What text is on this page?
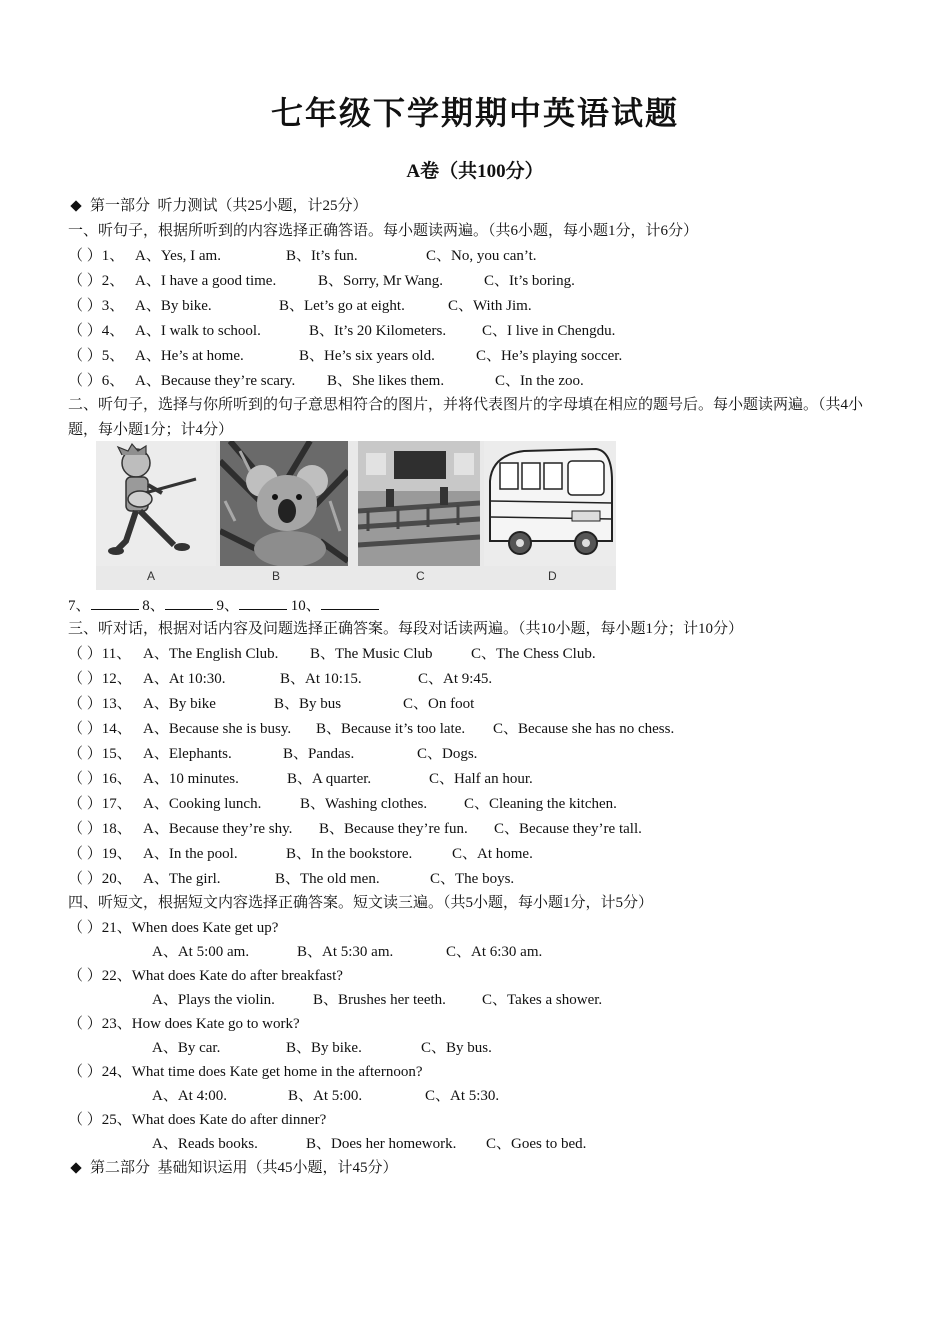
七年级下学期期中英语试题
A卷（共100分）
第一部分  听力测试（共25小题，计25分）
一、听句子，根据所听到的内容选择正确答语。每小题读两遍。（共6小题，每小题1分，计6分）
（ ）1、 A、Yes, I am.	B、It’s fun.	C、No, you can’t.
（ ）2、 A、I have a good time.	B、Sorry, Mr Wang.	C、It’s boring.
（ ）3、 A、By bike.	B、Let’s go at eight.	C、With Jim.
（ ）4、 A、I walk to school.	B、It’s 20 Kilometers. C、I live in Chengdu.
（ ）5、 A、He’s at home.	B、He’s six years old.	C、He’s playing soccer.
（ ）6、 A、Because they’re scary. B、She likes them.	C、In the zoo.
二、听句子，选择与你所听到的句子意思相符合的图片，并将代表图片的字母填在相应的题号后。每小题读两遍。（共4小题，每小题1分；计4分）
A	B	C	D
7、	8、	9、	10、
三、听对话，根据对话内容及问题选择正确答案。每段对话读两遍。（共10小题，每小题1分；计10分）
（ ）11、 A、The English Club. B、The Music Club	C、The Chess Club.
（ ）12、 A、At 10:30.	B、At 10:15.	C、At 9:45.
（ ）13、 A、By bike	B、By bus	C、On foot
（ ）14、 A、Because she is busy. B、Because it’s too late. C、Because she has no chess.
（ ）15、 A、Elephants.	B、Pandas.	C、Dogs.
（ ）16、 A、10 minutes.	B、A quarter.	C、Half an hour.
（ ）17、 A、Cooking lunch.	B、Washing clothes. C、Cleaning the kitchen.
（ ）18、 A、Because they’re shy. B、Because they’re fun. C、Because they’re tall.
（ ）19、 A、In the pool.	B、In the bookstore.	C、At home.
（ ）20、 A、The girl.	B、The old men.	C、The boys.
四、听短文，根据短文内容选择正确答案。短文读三遍。（共5小题，每小题1分，计5分）
（ ）21、When does Kate get up?
A、At 5:00 am.	B、At 5:30 am.	C、At 6:30 am.
（ ）22、What does Kate do after breakfast?
A、Plays the violin.	B、Brushes her teeth. C、Takes a shower.
（ ）23、How does Kate go to work?
A、By car.	B、By bike.	C、By bus.
（ ）24、What time does Kate get home in the afternoon?
A、At 4:00.	B、At 5:00.	C、At 5:30.
（ ）25、What does Kate do after dinner?
A、Reads books.	B、Does her homework. C、Goes to bed.
第二部分  基础知识运用（共45小题，计45分）
